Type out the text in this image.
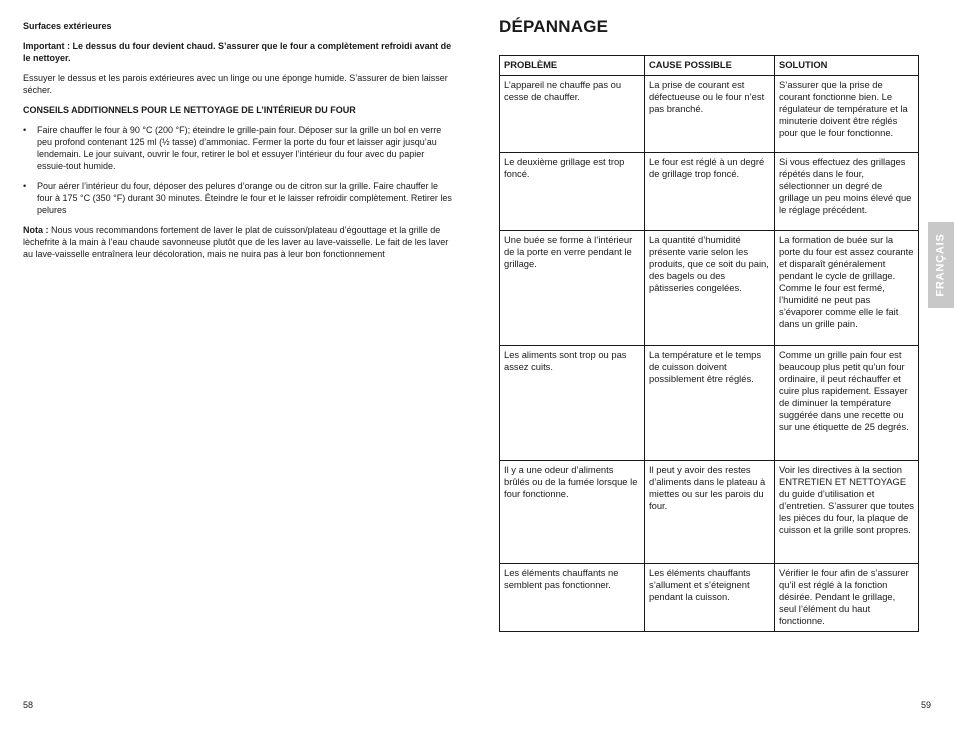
Surfaces extérieures

Important : Le dessus du four devient chaud. S’assurer que le four a complètement refroidi avant de le nettoyer.

Essuyer le dessus et les parois extérieures avec un linge ou une éponge humide. S’assurer de bien laisser sécher.

CONSEILS ADDITIONNELS POUR LE NETTOYAGE DE L’INTÉRIEUR DU FOUR

• Faire chauffer le four à 90 °C (200 °F); éteindre le grille-pain four. Déposer sur la grille un bol en verre peu profond contenant 125 ml (½ tasse) d’ammoniac. Fermer la porte du four et laisser agir jusqu’au lendemain. Le jour suivant, ouvrir le four, retirer le bol et essuyer l’intérieur du four avec du papier essuie-tout humide.
• Pour aérer l’intérieur du four, déposer des pelures d’orange ou de citron sur la grille. Faire chauffer le four à 175 °C (350 °F) durant 30 minutes. Éteindre le four et le laisser refroidir complètement. Retirer les pelures

Nota : Nous vous recommandons fortement de laver le plat de cuisson/plateau d’égouttage et la grille de lèchefrite à la main à l’eau chaude savonneuse plutôt que de les laver au lave-vaisselle. Le fait de les laver au lave-vaisselle entraînera leur décoloration, mais ne nuira pas à leur bon fonctionnement

58
DÉPANNAGE
PROBLÈME	CAUSE POSSIBLE	SOLUTION
L’appareil ne chauffe pas ou cesse de chauffer.	La prise de courant est défectueuse ou le four n’est pas branché.	S’assurer que la prise de courant fonctionne bien. Le régulateur de température et la minuterie doivent être réglés pour que le four fonctionne.
Le deuxième grillage est trop foncé.	Le four est réglé à un degré de grillage trop foncé.	Si vous effectuez des grillages répétés dans le four, sélectionner un degré de grillage un peu moins élevé que le réglage précédent.
Une buée se forme à l’intérieur de la porte en verre pendant le grillage.	La quantité d’humidité présente varie selon les produits, que ce soit du pain, des bagels ou des pâtisseries congelées.	La formation de buée sur la porte du four est assez courante et disparaît généralement pendant le cycle de grillage. Comme le four est fermé, l’humidité ne peut pas s’évaporer comme elle le fait dans un grille pain.
Les aliments sont trop ou pas assez cuits.	La température et le temps de cuisson doivent possiblement être réglés.	Comme un grille pain four est beaucoup plus petit qu’un four ordinaire, il peut réchauffer et cuire plus rapidement. Essayer de diminuer la température suggérée dans une recette ou sur une étiquette de 25 degrés.
Il y a une odeur d’aliments brûlés ou de la fumée lorsque le four fonctionne.	Il peut y avoir des restes d’aliments dans le plateau à miettes ou sur les parois du four.	Voir les directives à la section ENTRETIEN ET NETTOYAGE du guide d’utilisation et d’entretien. S’assurer que toutes les pièces du four, la plaque de cuisson et la grille sont propres.
Les éléments chauffants ne semblent pas fonctionner.	Les éléments chauffants s’allument et s’éteignent pendant la cuisson.	Vérifier le four afin de s’assurer qu’il est réglé à la fonction désirée. Pendant le grillage, seul l’élément du haut fonctionne.
FRANÇAIS
59
